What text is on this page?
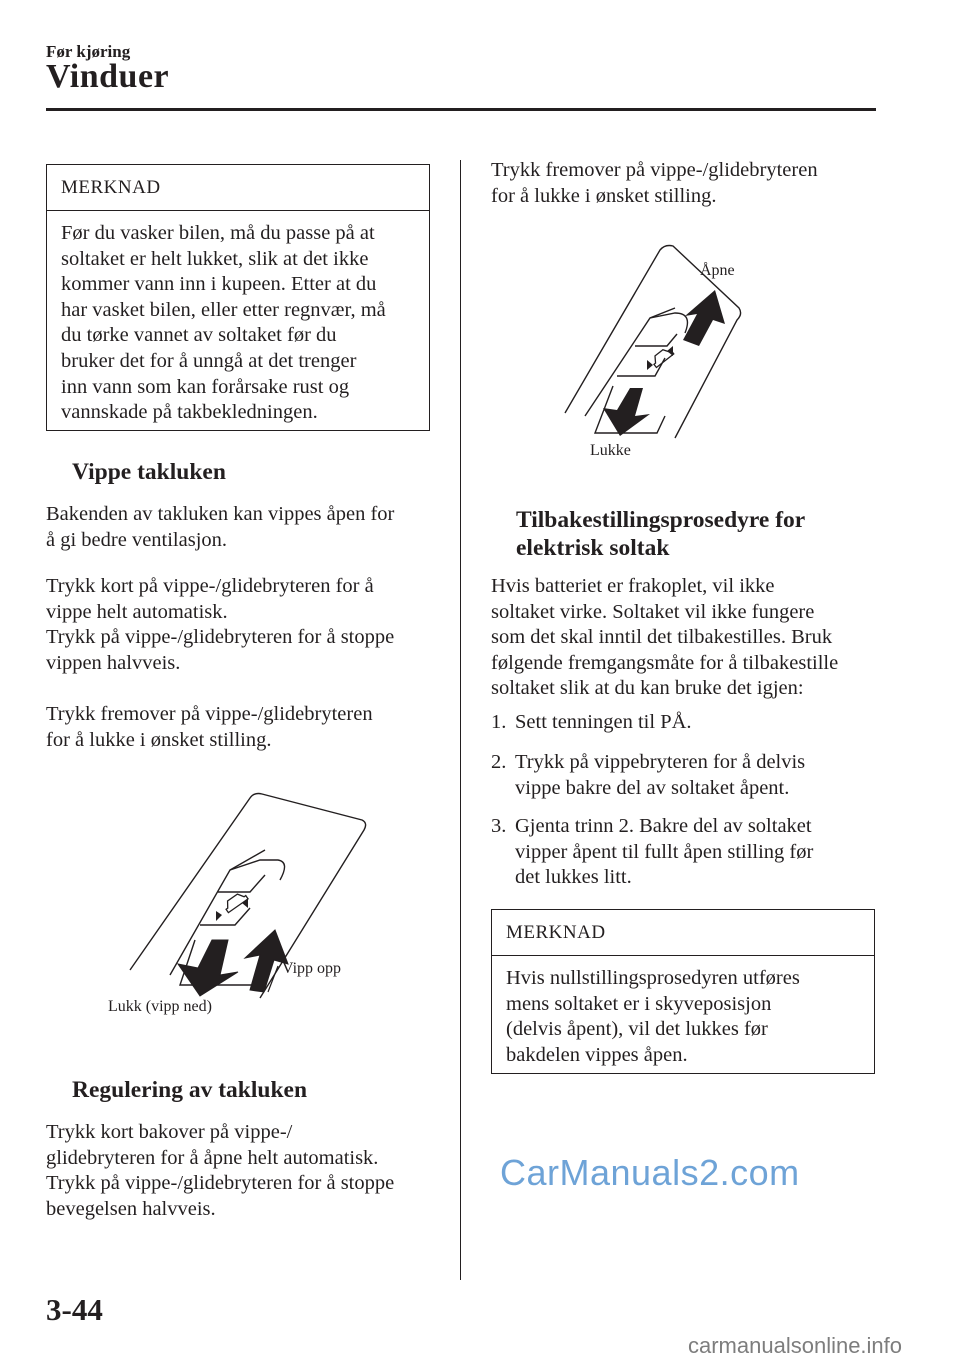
Før kjøring
Vinduer
MERKNAD
Før du vasker bilen, må du passe på at
soltaket er helt lukket, slik at det ikke
kommer vann inn i kupeen. Etter at du
har vasket bilen, eller etter regnvær, må
du tørke vannet av soltaket før du
bruker det for å unngå at det trenger
inn vann som kan forårsake rust og
vannskade på takbekledningen.
Vippe takluken
Bakenden av takluken kan vippes åpen for
å gi bedre ventilasjon.
Trykk kort på vippe-/glidebryteren for å
vippe helt automatisk.
Trykk på vippe-/glidebryteren for å stoppe
vippen halvveis.
Trykk fremover på vippe-/glidebryteren
for å lukke i ønsket stilling.
Vipp opp
Lukk (vipp ned)
Regulering av takluken
Trykk kort bakover på vippe-/
glidebryteren for å åpne helt automatisk.
Trykk på vippe-/glidebryteren for å stoppe
bevegelsen halvveis.
Trykk fremover på vippe-/glidebryteren
for å lukke i ønsket stilling.
Åpne
Lukke
Tilbakestillingsprosedyre for
elektrisk soltak
Hvis batteriet er frakoplet, vil ikke
soltaket virke. Soltaket vil ikke fungere
som det skal inntil det tilbakestilles. Bruk
følgende fremgangsmåte for å tilbakestille
soltaket slik at du kan bruke det igjen:
1. Sett tenningen til PÅ.
2. Trykk på vippebryteren for å delvis
vippe bakre del av soltaket åpent.
3. Gjenta trinn 2. Bakre del av soltaket
vipper åpent til fullt åpen stilling før
det lukkes litt.
MERKNAD
Hvis nullstillingsprosedyren utføres
mens soltaket er i skyveposisjon
(delvis åpent), vil det lukkes før
bakdelen vippes åpen.
CarManuals2.com
3-44
carmanualsonline.info
